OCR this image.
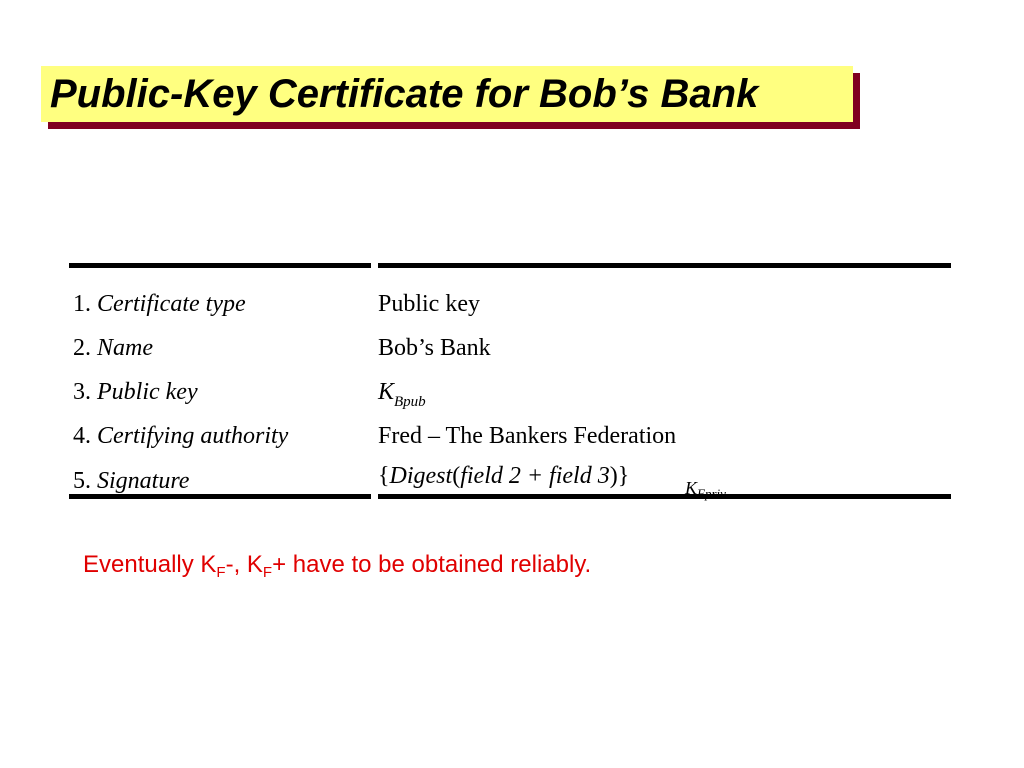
Public-Key Certificate for Bob’s Bank
1. Certificate type	Public key
2. Name	Bob’s Bank
3. Public key	$K_{Bpub}$
4. Certifying authority	Fred – The Bankers Federation
5. Signature	{Digest(field 2 + field 3)}	KFpriv
Eventually $K_F-$, $K_F+$ have to be obtained reliably.
